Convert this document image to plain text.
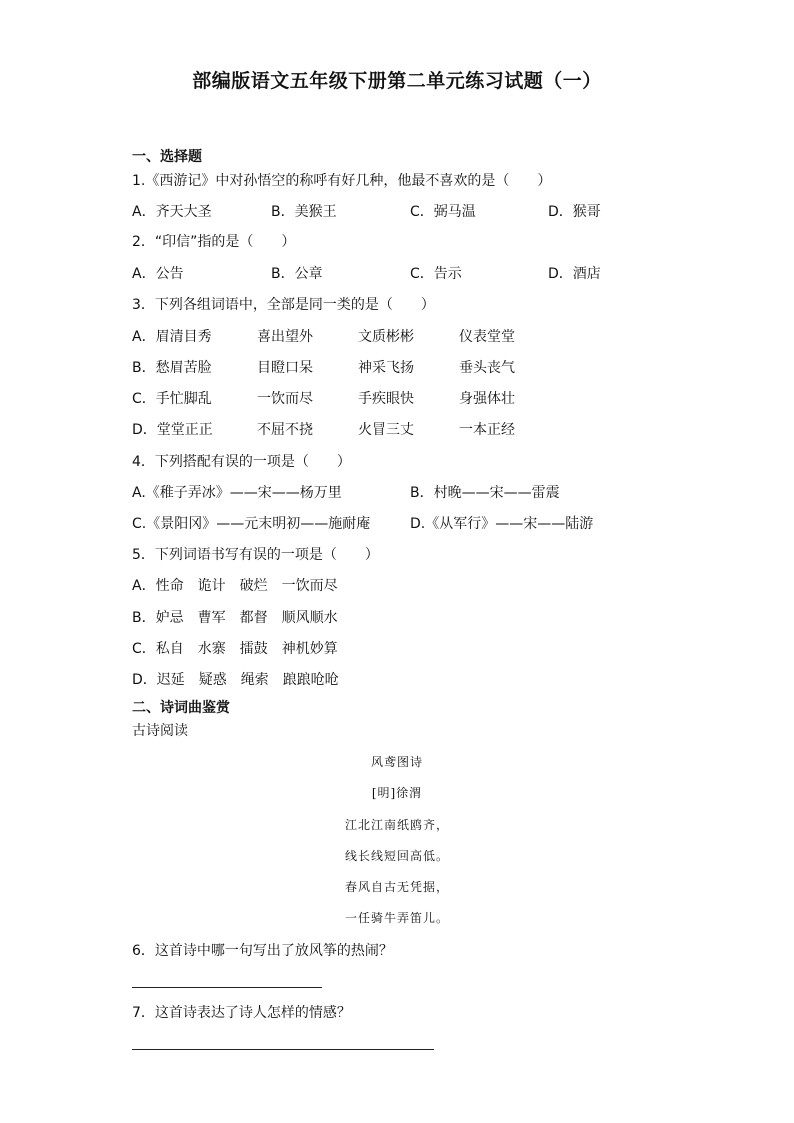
部编版语文五年级下册第二单元练习试题（一）
一、选择题
1.《西游记》中对孙悟空的称呼有好几种，他最不喜欢的是（　　）
A．齐天大圣	B．美猴王	C．弼马温	D．猴哥
2．“印信”指的是（　　）
A．公告	B．公章	C．告示	D．酒店
3．下列各组词语中，全部是同一类的是（　　）
A．眉清目秀	喜出望外	文质彬彬	仪表堂堂
B．愁眉苦脸	目瞪口呆	神采飞扬	垂头丧气
C．手忙脚乱	一饮而尽	手疾眼快	身强体壮
D．堂堂正正	不屈不挠	火冒三丈	一本正经
4．下列搭配有误的一项是（　　）
A.《稚子弄冰》——宋——杨万里	B．村晚——宋——雷震
C.《景阳冈》——元末明初——施耐庵	D.《从军行》——宋——陆游
5．下列词语书写有误的一项是（　　）
A．性命　诡计　破烂　一饮而尽
B．妒忌　曹军　都督　顺风顺水
C．私自　水寨　擂鼓　神机妙算
D．迟延　疑惑　绳索　踉踉呛呛
二、诗词曲鉴赏
古诗阅读
风鸢图诗
[明]徐渭
江北江南纸鸥齐，
线长线短回高低。
春风自古无凭据，
一任骑牛弄笛儿。
6．这首诗中哪一句写出了放风筝的热闹？
7．这首诗表达了诗人怎样的情感？
